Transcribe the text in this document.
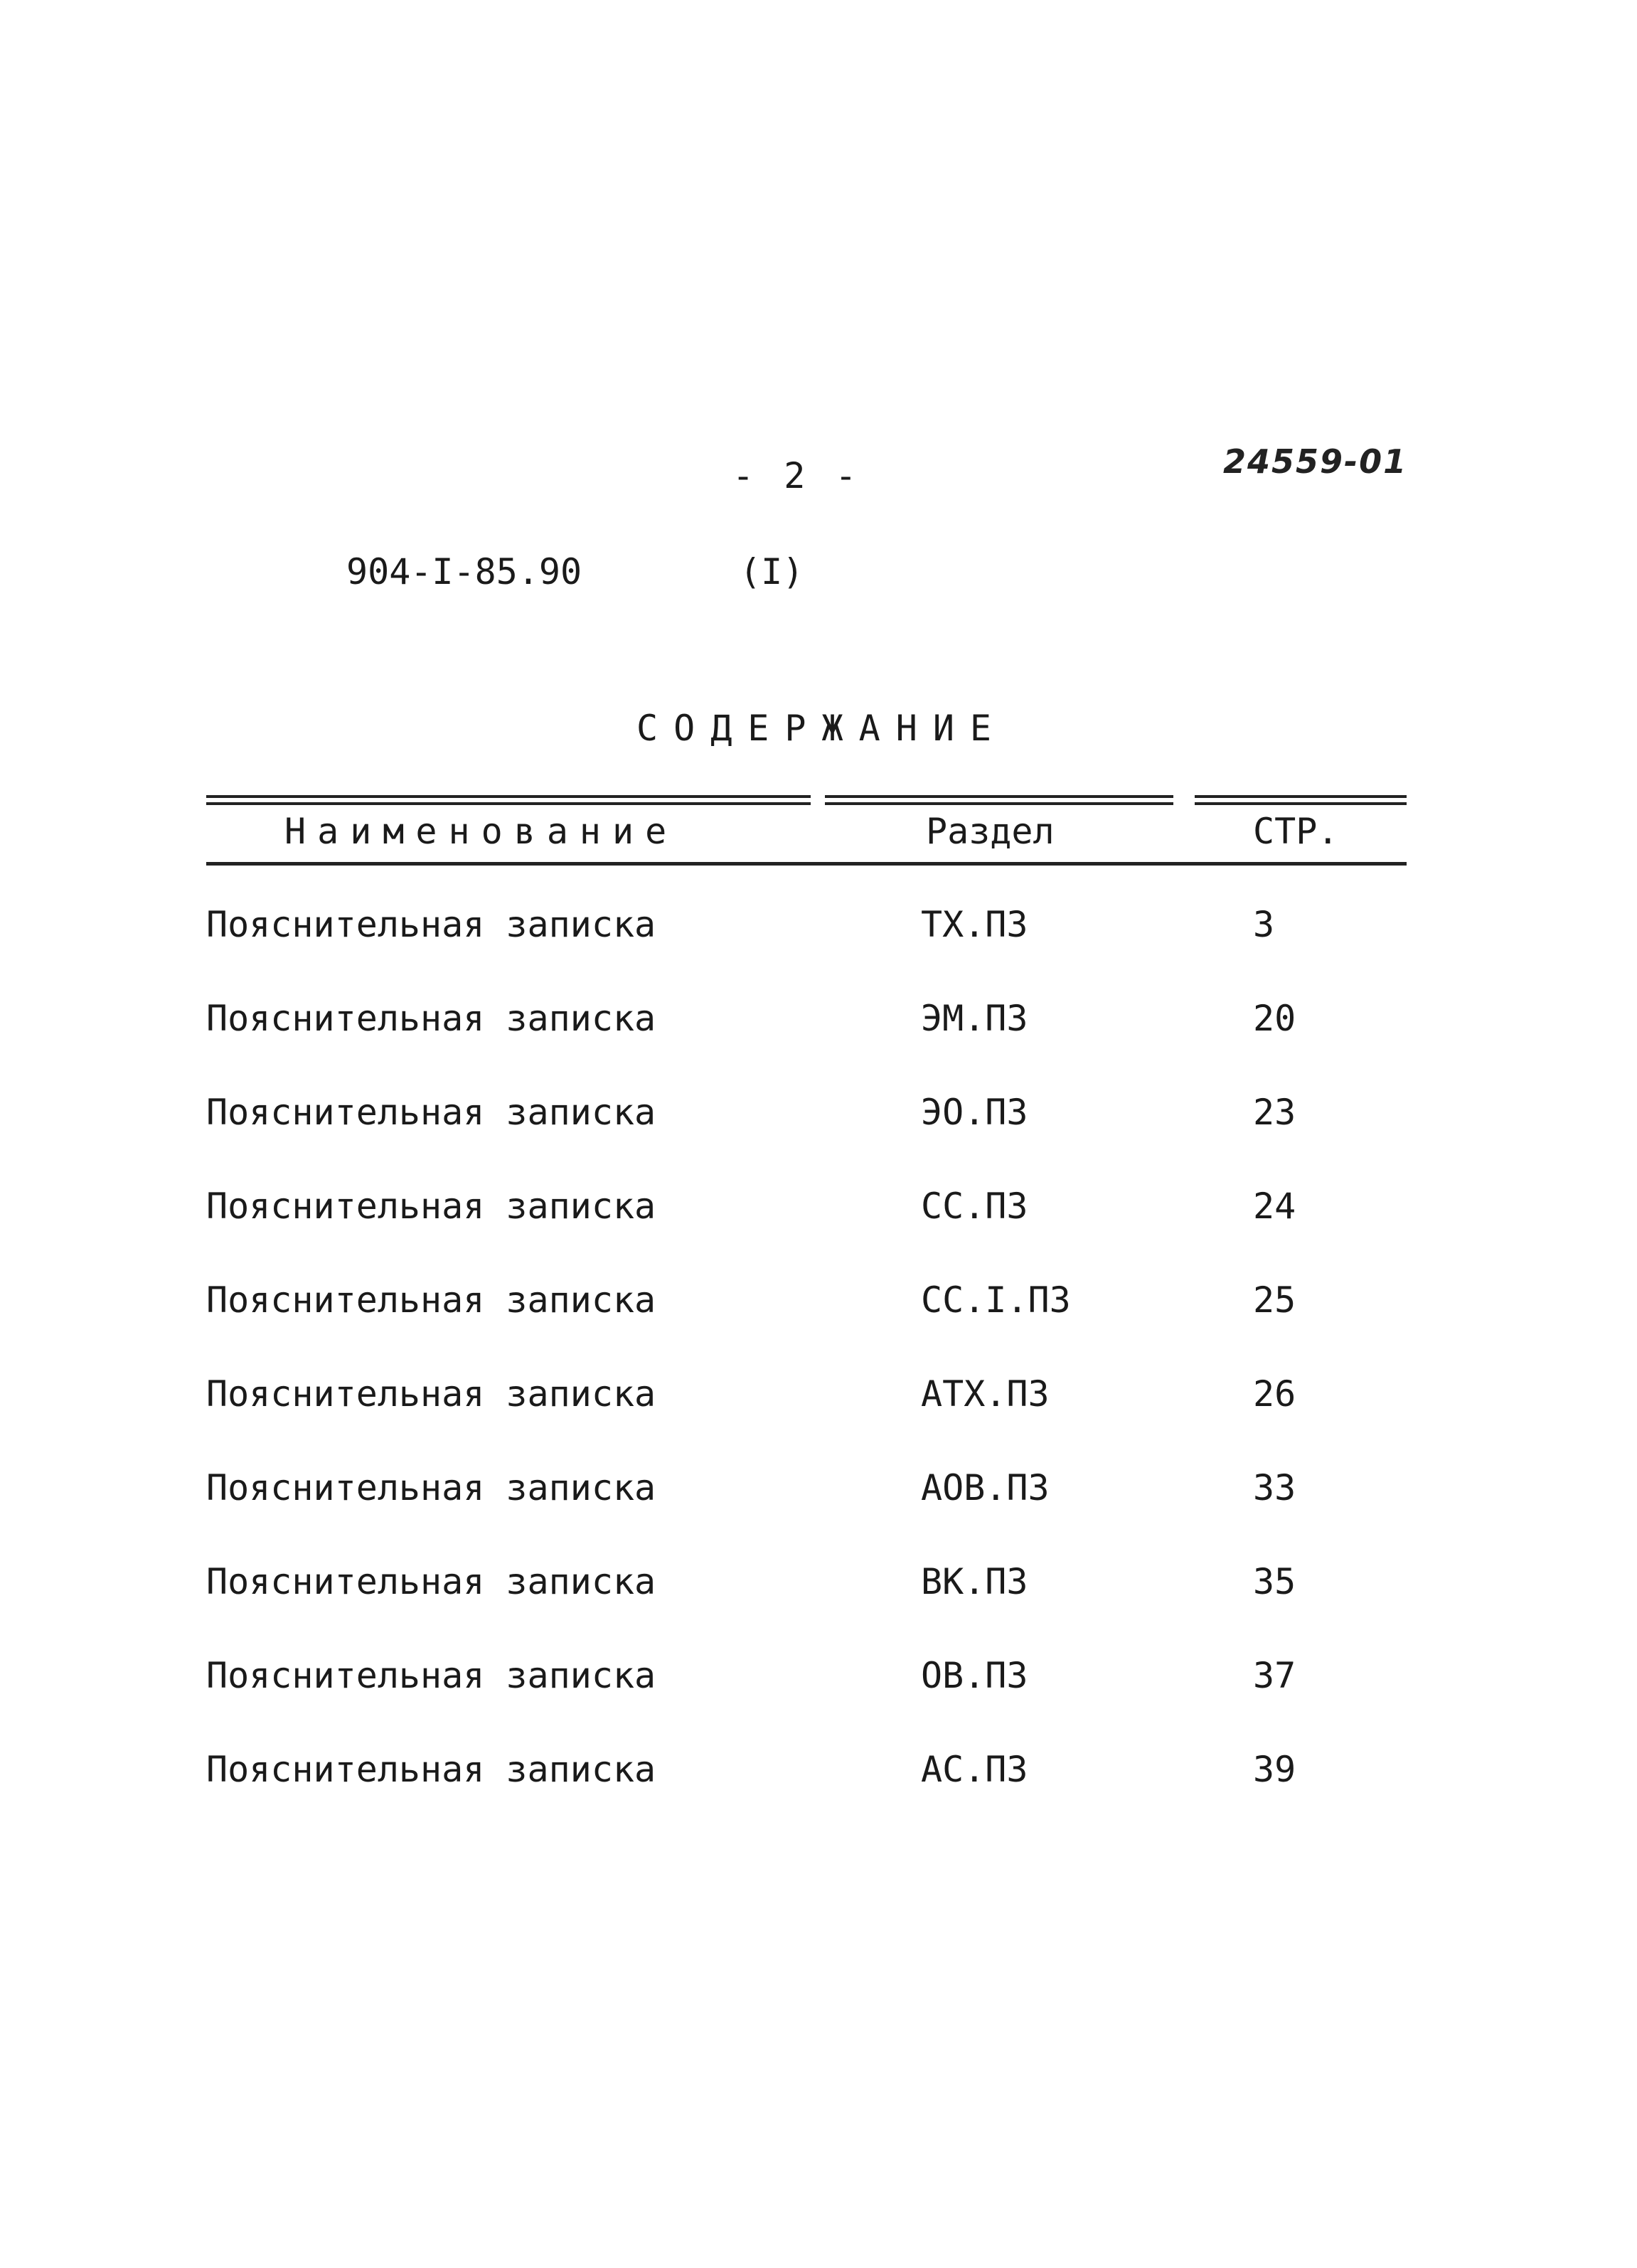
- 2 -	24559-01
904-I-85.90	(I)
СОДЕРЖАНИЕ
Наименование	Раздел	СТР.
Пояснительная записка	ТХ.ПЗ	3
Пояснительная записка	ЭМ.ПЗ	20
Пояснительная записка	ЭО.ПЗ	23
Пояснительная записка	СС.ПЗ	24
Пояснительная записка	СС.I.ПЗ	25
Пояснительная записка	АТХ.ПЗ	26
Пояснительная записка	АОВ.ПЗ	33
Пояснительная записка	ВК.ПЗ	35
Пояснительная записка	ОВ.ПЗ	37
Пояснительная записка	АС.ПЗ	39
